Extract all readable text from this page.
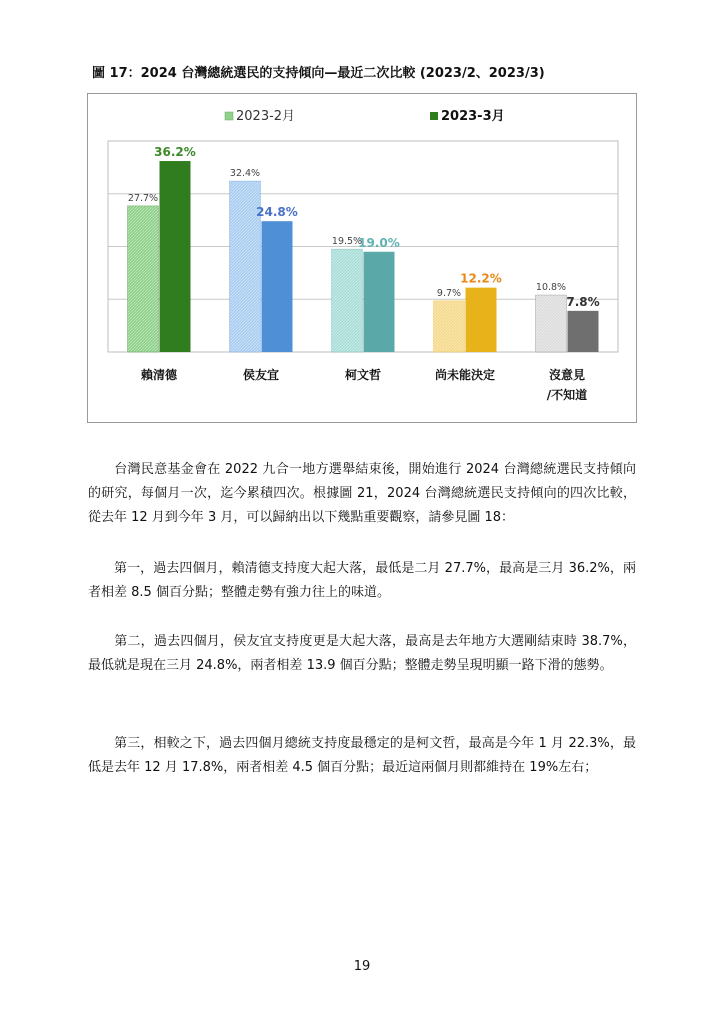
圖 17：2024 台灣總統選民的支持傾向—最近二次比較 (2023/2、2023/3)
2023-2月	2023-3月
27.7%
36.2%
賴清德
32.4%
24.8%
侯友宜
19.5%
19.0%
柯文哲
9.7%
12.2%
尚未能決定
10.8%
7.8%
沒意見
/不知道

台灣民意基金會在 2022 九合一地方選舉結束後，開始進行 2024 台灣總統選民支持傾向的研究，每個月一次，迄今累積四次。根據圖 21，2024 台灣總統選民支持傾向的四次比較，從去年 12 月到今年 3 月，可以歸納出以下幾點重要觀察，請參見圖 18：

第一，過去四個月，賴清德支持度大起大落，最低是二月 27.7%，最高是三月 36.2%，兩者相差 8.5 個百分點；整體走勢有強力往上的味道。

第二，過去四個月，侯友宜支持度更是大起大落，最高是去年地方大選剛結束時 38.7%，最低就是現在三月 24.8%，兩者相差 13.9 個百分點；整體走勢呈現明顯一路下滑的態勢。

第三，相較之下，過去四個月總統支持度最穩定的是柯文哲，最高是今年 1 月 22.3%，最低是去年 12 月 17.8%，兩者相差 4.5 個百分點；最近這兩個月則都維持在 19%左右；

19
